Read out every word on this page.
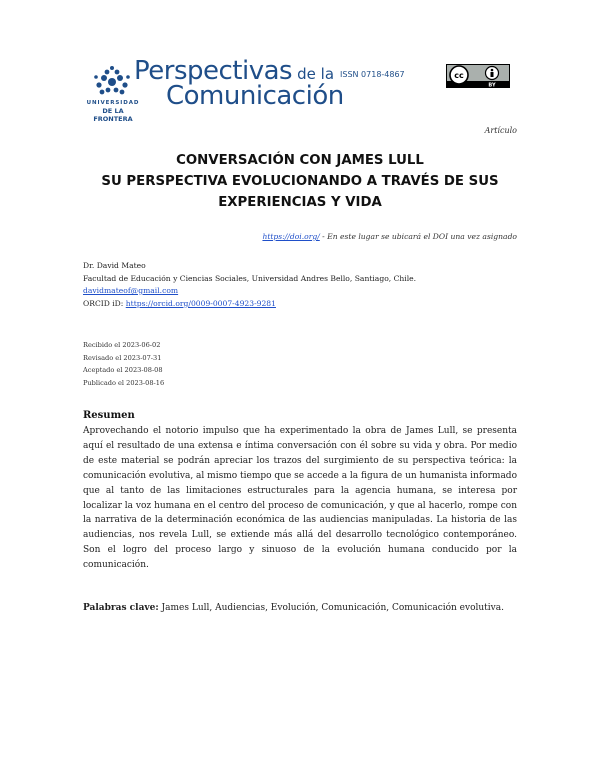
UNIVERSIDAD
DE LA FRONTERA
Perspectivas de la
Comunicación
ISSN 0718-4867	cc
BY
Artículo
CONVERSACIÓN CON JAMES LULL
SU PERSPECTIVA EVOLUCIONANDO A TRAVÉS DE SUS
EXPERIENCIAS Y VIDA
https://doi.org/ - En este lugar se ubicará el DOI una vez asignado
Dr. David Mateo
Facultad de Educación y Ciencias Sociales, Universidad Andres Bello, Santiago, Chile.
davidmateof@gmail.com
ORCID iD: https://orcid.org/0009-0007-4923-9281
Recibido el 2023-06-02
Revisado el 2023-07-31
Aceptado el 2023-08-08
Publicado el 2023-08-16
Resumen
Aprovechando el notorio impulso que ha experimentado la obra de James Lull, se presenta aquí el resultado de una extensa e íntima conversación con él sobre su vida y obra. Por medio de este material se podrán apreciar los trazos del surgimiento de su perspectiva teórica: la comunicación evolutiva, al mismo tiempo que se accede a la figura de un humanista informado que al tanto de las limitaciones estructurales para la agencia humana, se interesa por localizar la voz humana en el centro del proceso de comunicación, y que al hacerlo, rompe con la narrativa de la determinación económica de las audiencias manipuladas. La historia de las audiencias, nos revela Lull, se extiende más allá del desarrollo tecnológico contemporáneo. Son el logro del proceso largo y sinuoso de la evolución humana conducido por la comunicación.
Palabras clave: James Lull, Audiencias, Evolución, Comunicación, Comunicación evolutiva.
